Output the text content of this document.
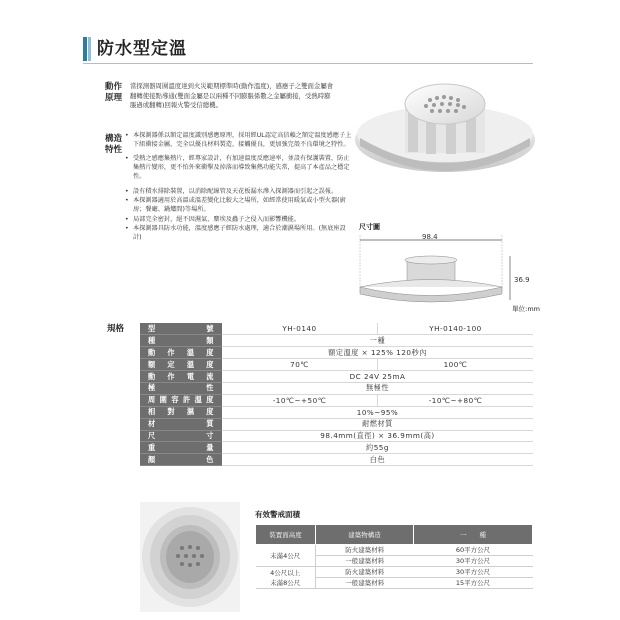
防水型定溫
動作
原理

當探測器周圍溫度達到火災範期標準時(動作溫度)，感應子之雙面金屬會翻轉使接點導通(雙面金屬是以兩種不同膨脹係數之金屬衝接，受熱時膨脹過或翻轉)回報火警受信總機。

構造
特性
• 本探測器係以額定溫度識別感應原理，採用經UL認定高信賴之額定溫度感應子上下組衝接金屬，完全以優良材料製造，接觸優良，更加強完殼不良環境之特性。
• 受熱之感應集熱片，經專家設計，有加速溫度反應速率，並設有保護裝置，防止集熱片變形，更不怕外來衝擊及掉落而導致集熱功能失常，提高了本產品之穩定性。
• 設有積水排除裝置，以消除配線管及天花板漏水滲入探測器而引起之誤報。
• 本探測器適用於高溫或溫差變化比較大之場所，如經常使用暖氣或小型火器(廚房；餐廳、鍋爐間)等場所。
• 局部完全密封，絕不因濕氣、塵埃及蟲子之侵入而影響機能。
• 本探測器具防水功能，溫度感應子經防水處理，適合於潮濕場所用。(無底座設計)
尺寸圖
98.4
36.9
單位:mm
規格	型號	YH-0140	YH-0140-100
種類	一種	
動作溫度	額定溫度 × 125% 120秒內	
額定溫度	70℃	100℃
動作電流	DC 24V 25mA	
極性	無極性	
周圍容許溫度	-10℃~+50℃	-10℃~+80℃
相對濕度	10%~95%	
材質	耐燃材質	
尺寸	98.4mm(直徑) × 36.9mm(高)	
重量	約55g	
顏色	白色	
有效警戒面積
裝置面高度	建築物構造	一　　種
未滿4公尺	防火建築材料	60平方公尺
	一般建築材料	30平方公尺
4公尺以上
未滿8公尺	防火建築材料	30平方公尺
	一般建築材料	15平方公尺
